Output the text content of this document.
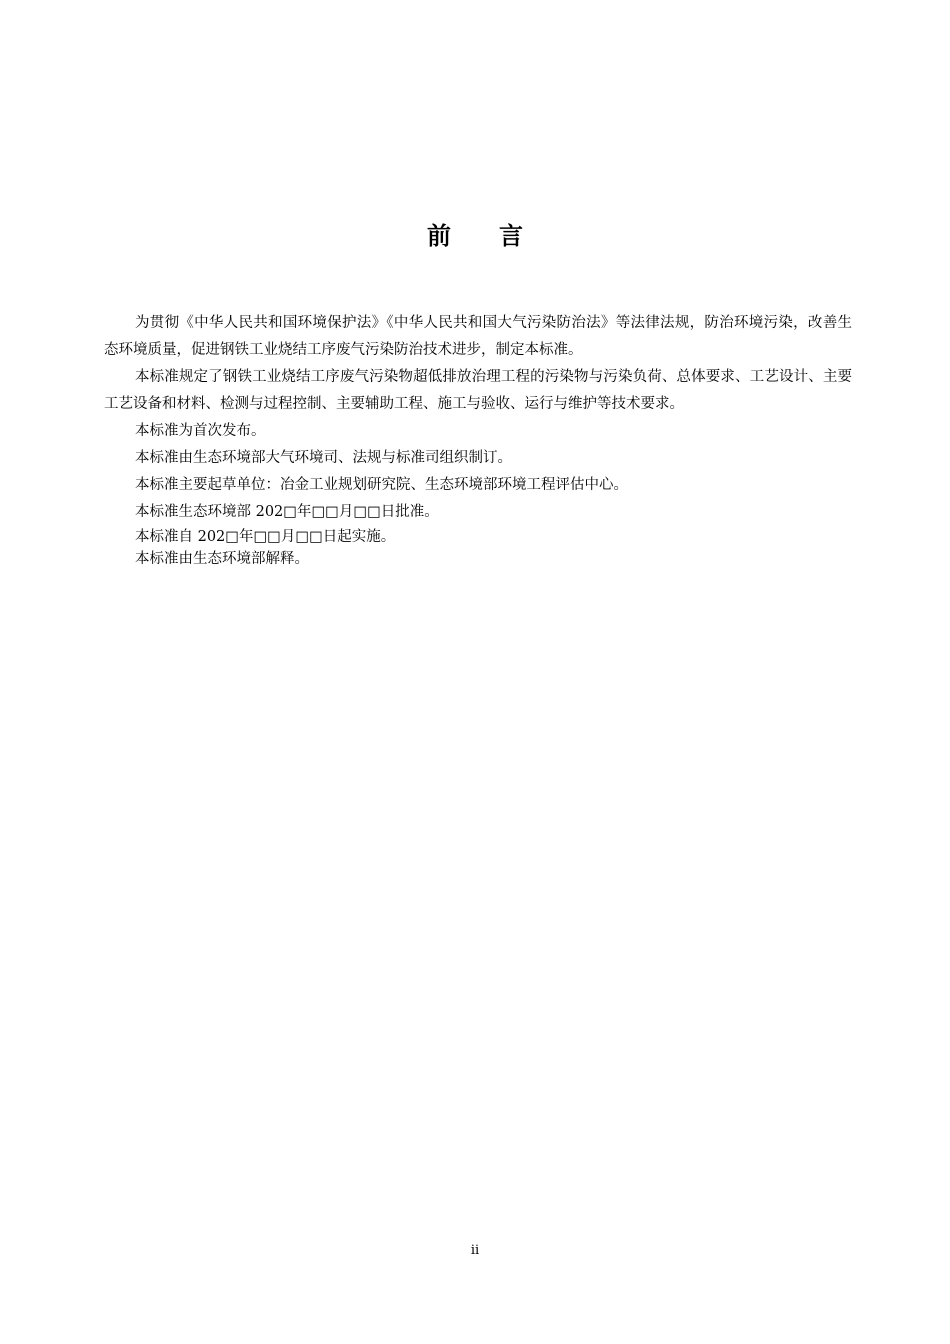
前言

为贯彻《中华人民共和国环境保护法》《中华人民共和国大气污染防治法》等法律法规，防治环境污染，改善生态环境质量，促进钢铁工业烧结工序废气污染防治技术进步，制定本标准。

本标准规定了钢铁工业烧结工序废气污染物超低排放治理工程的污染物与污染负荷、总体要求、工艺设计、主要工艺设备和材料、检测与过程控制、主要辅助工程、施工与验收、运行与维护等技术要求。

本标准为首次发布。

本标准由生态环境部大气环境司、法规与标准司组织制订。

本标准主要起草单位：冶金工业规划研究院、生态环境部环境工程评估中心。

本标准生态环境部 202□年□□月□□日批准。

本标准自 202□年□□月□□日起实施。

本标准由生态环境部解释。

ii
